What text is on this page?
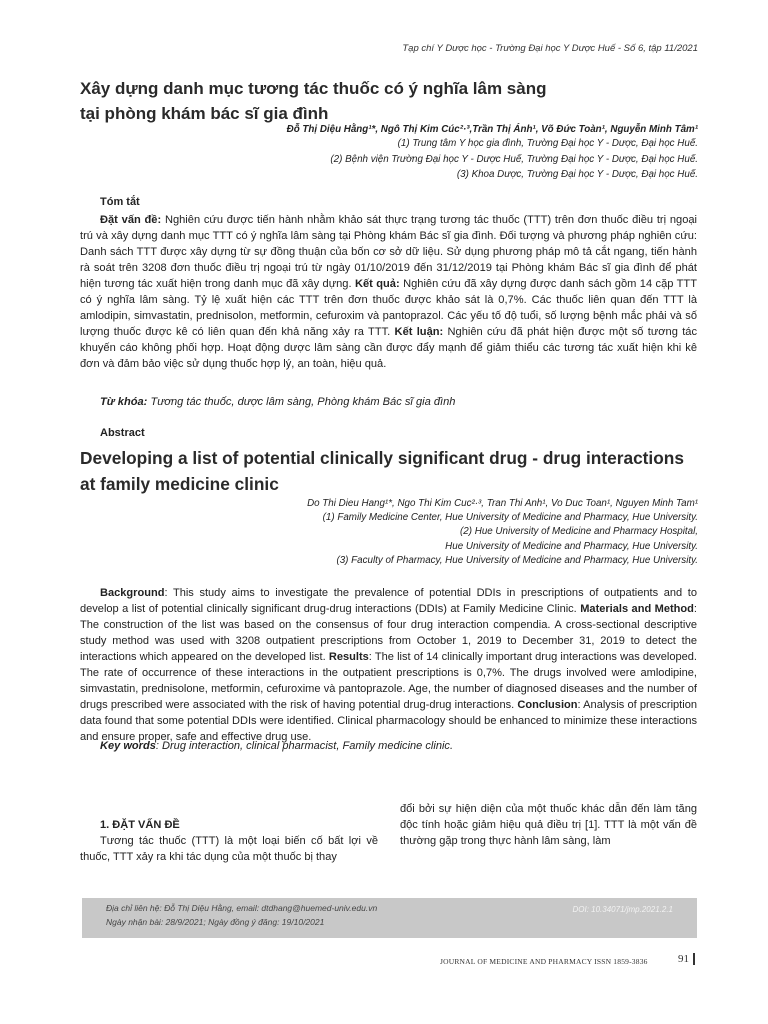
Tạp chí Y Dược học - Trường Đại học Y Dược Huế - Số 6, tập 11/2021
Xây dựng danh mục tương tác thuốc có ý nghĩa lâm sàng
tại phòng khám bác sĩ gia đình
Đỗ Thị Diệu Hằng¹*, Ngô Thị Kim Cúc²·³,Trần Thị Ánh¹, Võ Đức Toàn¹, Nguyễn Minh Tâm¹
(1) Trung tâm Y học gia đình, Trường Đại học Y - Dược, Đại học Huế.
(2) Bệnh viện Trường Đại học Y - Dược Huế, Trường Đại học Y - Dược, Đại học Huế.
(3) Khoa Dược, Trường Đại học Y - Dược, Đại học Huế.
Tóm tắt

Đặt vấn đề: Nghiên cứu được tiến hành nhằm khảo sát thực trạng tương tác thuốc (TTT) trên đơn thuốc điều trị ngoại trú và xây dựng danh mục TTT có ý nghĩa lâm sàng tại Phòng khám Bác sĩ gia đình. Đối tượng và phương pháp nghiên cứu: Danh sách TTT được xây dựng từ sự đồng thuận của bốn cơ sở dữ liệu. Sử dụng phương pháp mô tả cắt ngang, tiến hành rà soát trên 3208 đơn thuốc điều trị ngoại trú từ ngày 01/10/2019 đến 31/12/2019 tại Phòng khám Bác sĩ gia đình để phát hiện tương tác xuất hiện trong danh mục đã xây dựng. Kết quả: Nghiên cứu đã xây dựng được danh sách gồm 14 cặp TTT có ý nghĩa lâm sàng. Tỷ lệ xuất hiện các TTT trên đơn thuốc được khảo sát là 0,7%. Các thuốc liên quan đến TTT là amlodipin, simvastatin, prednisolon, metformin, cefuroxim và pantoprazol. Các yếu tố độ tuổi, số lượng bệnh mắc phải và số lượng thuốc được kê có liên quan đến khả năng xảy ra TTT. Kết luận: Nghiên cứu đã phát hiện được một số tương tác khuyến cáo không phối hợp. Hoạt động dược lâm sàng cần được đẩy mạnh để giảm thiểu các tương tác xuất hiện khi kê đơn và đảm bảo việc sử dụng thuốc hợp lý, an toàn, hiệu quả.

Từ khóa: Tương tác thuốc, dược lâm sàng, Phòng khám Bác sĩ gia đình
Abstract
Developing a list of potential clinically significant drug - drug interactions
at family medicine clinic
Do Thi Dieu Hang¹*, Ngo Thi Kim Cuc²·³, Tran Thi Anh¹, Vo Duc Toan¹, Nguyen Minh Tam¹
(1) Family Medicine Center, Hue University of Medicine and Pharmacy, Hue University.
(2) Hue University of Medicine and Pharmacy Hospital,
Hue University of Medicine and Pharmacy, Hue University.
(3) Faculty of Pharmacy, Hue University of Medicine and Pharmacy, Hue University.

Background: This study aims to investigate the prevalence of potential DDIs in prescriptions of outpatients and to develop a list of potential clinically significant drug-drug interactions (DDIs) at Family Medicine Clinic. Materials and Method: The construction of the list was based on the consensus of four drug interaction compendia. A cross-sectional descriptive study method was used with 3208 outpatient prescriptions from October 1, 2019 to December 31, 2019 to detect the interactions which appeared on the developed list. Results: The list of 14 clinically important drug interactions was developed. The rate of occurrence of these interactions in the outpatient prescriptions is 0,7%. The drugs involved were amlodipine, simvastatin, prednisolone, metformin, cefuroxime và pantoprazole. Age, the number of diagnosed diseases and the number of drugs prescribed were associated with the risk of having potential drug-drug interactions. Conclusion: Analysis of prescription data found that some potential DDIs were identified. Clinical pharmacology should be enhanced to minimize these interactions and ensure proper, safe and effective drug use.

Key words: Drug interaction, clinical pharmacist, Family medicine clinic.
1. ĐẶT VẤN ĐỀ

Tương tác thuốc (TTT) là một loại biến cố bất lợi về thuốc, TTT xảy ra khi tác dụng của một thuốc bị thay

đổi bởi sự hiện diện của một thuốc khác dẫn đến làm tăng độc tính hoặc giảm hiệu quả điều trị [1]. TTT là một vấn đề thường gặp trong thực hành lâm sàng, làm

Địa chỉ liên hệ: Đỗ Thị Diệu Hằng, email: dtdhang@huemed-univ.edu.vn
Ngày nhận bài: 28/9/2021; Ngày đồng ý đăng: 19/10/2021
DOI: 10.34071/jmp.2021.2.1
JOURNAL OF MEDICINE AND PHARMACY ISSN 1859-3836	91
